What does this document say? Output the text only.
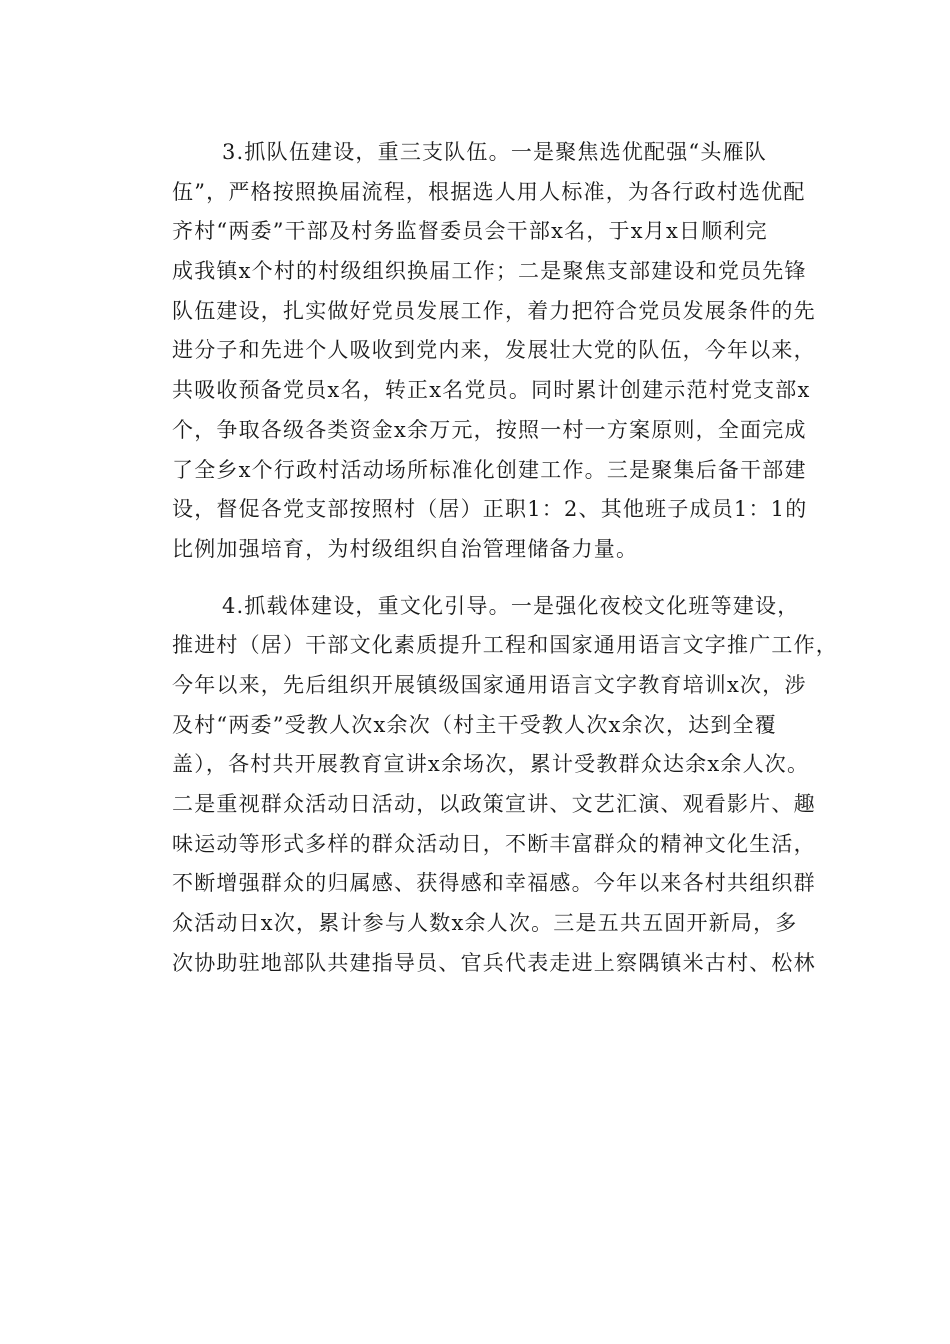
3.抓队伍建设，重三支队伍。一是聚焦选优配强“头雁队
伍”，严格按照换届流程，根据选人用人标准，为各行政村选优配
齐村“两委”干部及村务监督委员会干部x名，于x月x日顺利完
成我镇x个村的村级组织换届工作；二是聚焦支部建设和党员先锋
队伍建设，扎实做好党员发展工作，着力把符合党员发展条件的先
进分子和先进个人吸收到党内来，发展壮大党的队伍，今年以来，
共吸收预备党员x名，转正x名党员。同时累计创建示范村党支部x
个，争取各级各类资金x余万元，按照一村一方案原则，全面完成
了全乡x个行政村活动场所标准化创建工作。三是聚集后备干部建
设，督促各党支部按照村（居）正职1：2、其他班子成员1：1的
比例加强培育，为村级组织自治管理储备力量。
4.抓载体建设，重文化引导。一是强化夜校文化班等建设，
推进村（居）干部文化素质提升工程和国家通用语言文字推广工作，
今年以来，先后组织开展镇级国家通用语言文字教育培训x次，涉
及村“两委”受教人次x余次（村主干受教人次x余次，达到全覆
盖），各村共开展教育宣讲x余场次，累计受教群众达余x余人次。
二是重视群众活动日活动，以政策宣讲、文艺汇演、观看影片、趣
味运动等形式多样的群众活动日，不断丰富群众的精神文化生活，
不断增强群众的归属感、获得感和幸福感。今年以来各村共组织群
众活动日x次，累计参与人数x余人次。三是五共五固开新局，多
次协助驻地部队共建指导员、官兵代表走进上察隅镇米古村、松林
